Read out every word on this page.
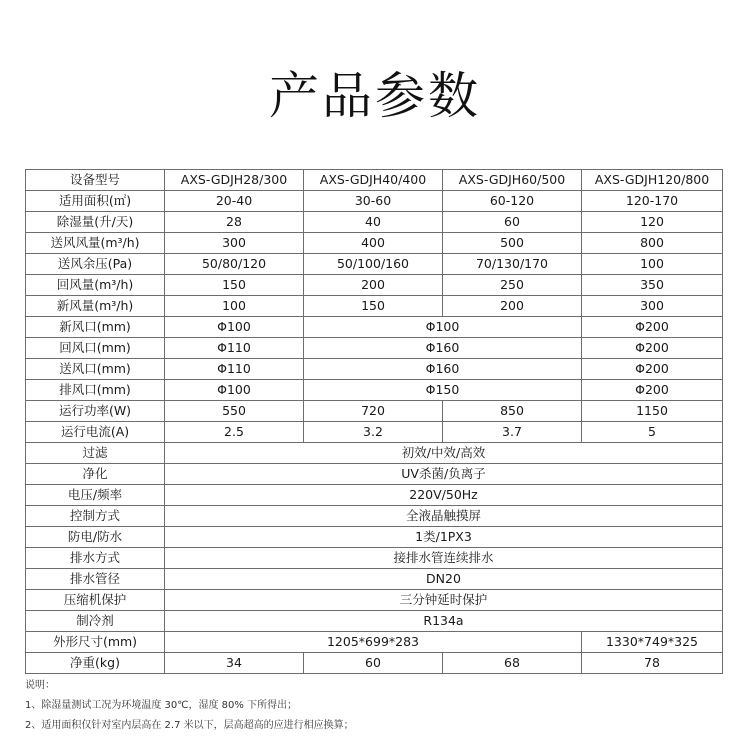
产品参数
设备型号	AXS-GDJH28/300	AXS-GDJH40/400	AXS-GDJH60/500	AXS-GDJH120/800
适用面积(㎡)	20-40	30-60	60-120	120-170
除湿量(升/天)	28	40	60	120
送风风量(m³/h)	300	400	500	800
送风余压(Pa)	50/80/120	50/100/160	70/130/170	100
回风量(m³/h)	150	200	250	350
新风量(m³/h)	100	150	200	300
新风口(mm)	Φ100	Φ100		Φ200
回风口(mm)	Φ110	Φ160		Φ200
送风口(mm)	Φ110	Φ160		Φ200
排风口(mm)	Φ100	Φ150		Φ200
运行功率(W)	550	720	850	1150
运行电流(A)	2.5	3.2	3.7	5
过滤	初效/中效/高效			
净化	UV杀菌/负离子			
电压/频率	220V/50Hz			
控制方式	全液晶触摸屏			
防电/防水	1类/1PX3			
排水方式	接排水管连续排水			
排水管径	DN20			
压缩机保护	三分钟延时保护			
制冷剂	R134a			
外形尺寸(mm)	1205*699*283			1330*749*325
净重(kg)	34	60	68	78
说明：
1、除湿量测试工况为环境温度 30℃，湿度 80% 下所得出；
2、适用面积仅针对室内层高在 2.7 米以下，层高超高的应进行相应换算；
